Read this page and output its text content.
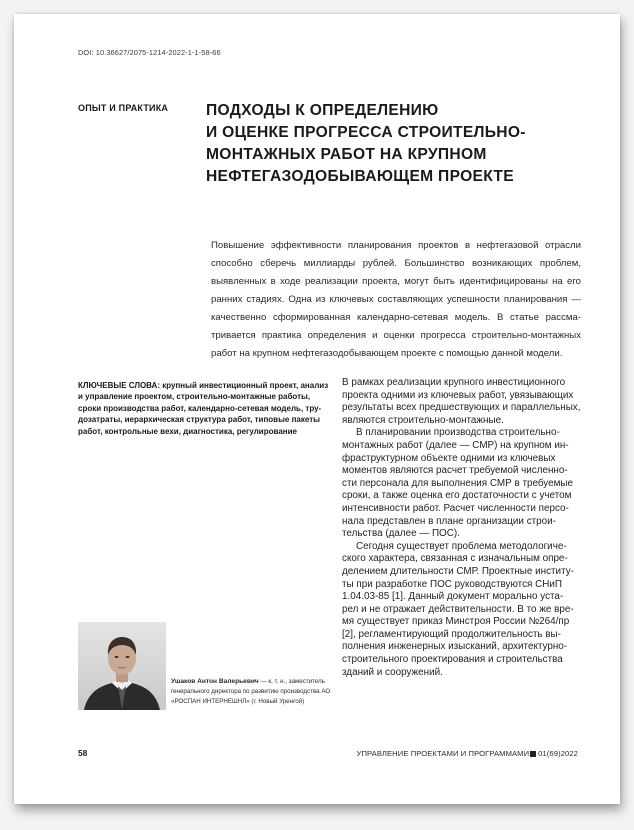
DOI: 10.36627/2075-1214-2022-1-1-58-66
ОПЫТ И ПРАКТИКА ПОДХОДЫ К ОПРЕДЕЛЕНИЮ
И ОЦЕНКЕ ПРОГРЕССА СТРОИТЕЛЬНО-
МОНТАЖНЫХ РАБОТ НА КРУПНОМ
НЕФТЕГАЗОДОБЫВАЮЩЕМ ПРОЕКТЕ
Повышение эффективности планирования проектов в нефтегазовой отрасли
способно сберечь миллиарды рублей. Большинство возникающих проблем,
выявленных в ходе реализации проекта, могут быть идентифицированы на его
ранних стадиях. Одна из ключевых составляющих успешности планирования —
качественно сформированная календарно-сетевая модель. В статье рассма-
тривается практика определения и оценки прогресса строительно-монтажных
работ на крупном нефтегазодобывающем проекте с помощью данной модели.
КЛЮЧЕВЫЕ СЛОВА: крупный инвестиционный проект, анализ
и управление проектом, строительно-монтажные работы,
сроки производства работ, календарно-сетевая модель, тру-
дозатраты, иерархическая структура работ, типовые пакеты
работ, контрольные вехи, диагностика, регулирование
В рамках реализации крупного инвестиционного
проекта одними из ключевых работ, увязывающих
результаты всех предшествующих и параллельных,
являются строительно-монтажные.
В планировании производства строительно-
монтажных работ (далее — СМР) на крупном ин-
фраструктурном объекте одними из ключевых
моментов являются расчет требуемой численно-
сти персонала для выполнения СМР в требуемые
сроки, а также оценка его достаточности с учетом
интенсивности работ. Расчет численности персо-
нала представлен в плане организации строи-
тельства (далее — ПОС).
Сегодня существует проблема методологиче-
ского характера, связанная с изначальным опре-
делением длительности СМР. Проектные институ-
ты при разработке ПОС руководствуются СНиП
1.04.03-85 [1]. Данный документ морально уста-
рел и не отражает действительности. В то же вре-
мя существует приказ Минстроя России №264/пр
[2], регламентирующий продолжительность вы-
полнения инженерных изысканий, архитектурно-
строительного проектирования и строительства
зданий и сооружений.
Ушаков Антон Валерьевич — к. т. н., заместитель
генерального директора по развитию производства АО
«РОСПАН ИНТЕРНЕШНЛ» (г. Новый Уренгой)
58	УПРАВЛЕНИЕ ПРОЕКТАМИ И ПРОГРАММАМИ 01(69)2022
